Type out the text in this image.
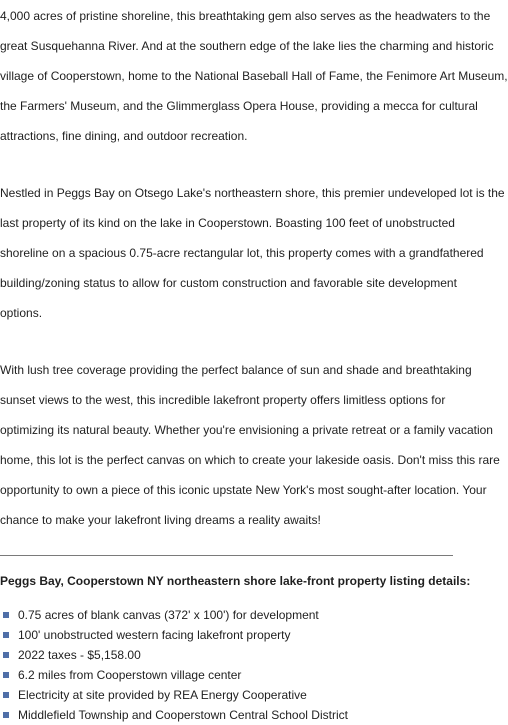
4,000 acres of pristine shoreline, this breathtaking gem also serves as the headwaters to the

great Susquehanna River. And at the southern edge of the lake lies the charming and historic

village of Cooperstown, home to the National Baseball Hall of Fame, the Fenimore Art Museum,

the Farmers' Museum, and the Glimmerglass Opera House, providing a mecca for cultural

attractions, fine dining, and outdoor recreation.

Nestled in Peggs Bay on Otsego Lake's northeastern shore, this premier undeveloped lot is the

last property of its kind on the lake in Cooperstown. Boasting 100 feet of unobstructed

shoreline on a spacious 0.75-acre rectangular lot, this property comes with a grandfathered

building/zoning status to allow for custom construction and favorable site development

options.

With lush tree coverage providing the perfect balance of sun and shade and breathtaking

sunset views to the west, this incredible lakefront property offers limitless options for

optimizing its natural beauty. Whether you're envisioning a private retreat or a family vacation

home, this lot is the perfect canvas on which to create your lakeside oasis. Don't miss this rare

opportunity to own a piece of this iconic upstate New York's most sought-after location. Your

chance to make your lakefront living dreams a reality awaits!

Peggs Bay, Cooperstown NY northeastern shore lake-front property listing details:
0.75 acres of blank canvas (372' x 100') for development
100' unobstructed western facing lakefront property
2022 taxes - $5,158.00
6.2 miles from Cooperstown village center
Electricity at site provided by REA Energy Cooperative
Middlefield Township and Cooperstown Central School District
